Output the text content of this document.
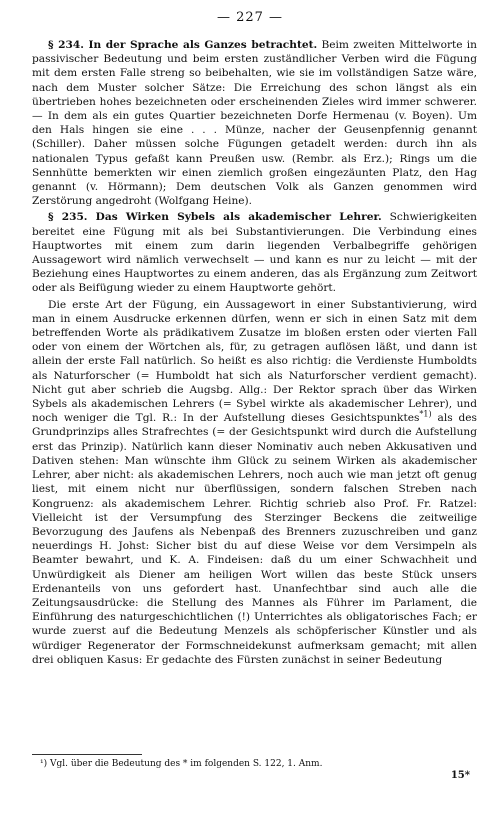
— 227 —

§ 234. In der Sprache als Ganzes betrachtet. Beim zweiten Mittelworte in passivischer Bedeutung und beim ersten zuständlicher Verben wird die Fügung mit dem ersten Falle streng so beibehalten, wie sie im vollständigen Satze wäre, nach dem Muster solcher Sätze: Die Erreichung des schon längst als ein übertrieben hohes bezeichneten oder erscheinenden Zieles wird immer schwerer. — In dem als ein gutes Quartier bezeichneten Dorfe Hermenau (v. Boyen). Um den Hals hingen sie eine . . . Münze, nacher der Geusenpfennig genannt (Schiller). Daher müssen solche Fügungen getadelt werden: durch ihn als nationalen Typus gefaßt kann Preußen usw. (Rembr. als Erz.); Rings um die Sennhütte bemerkten wir einen ziemlich großen eingezäunten Platz, den Hag genannt (v. Hörmann); Dem deutschen Volk als Ganzen genommen wird Zerstörung angedroht (Wolfgang Heine).

§ 235. Das Wirken Sybels als akademischer Lehrer. Schwierigkeiten bereitet eine Fügung mit als bei Substantivierungen. Die Verbindung eines Hauptwortes mit einem zum darin liegenden Verbalbegriffe gehörigen Aussagewort wird nämlich verwechselt — und kann es nur zu leicht — mit der Beziehung eines Hauptwortes zu einem anderen, das als Ergänzung zum Zeitwort oder als Beifügung wieder zu einem Hauptworte gehört.

Die erste Art der Fügung, ein Aussagewort in einer Substantivierung, wird man in einem Ausdrucke erkennen dürfen, wenn er sich in einen Satz mit dem betreffenden Worte als prädikativem Zusatze im bloßen ersten oder vierten Fall oder von einem der Wörtchen als, für, zu getragen auflösen läßt, und dann ist allein der erste Fall natürlich. So heißt es also richtig: die Verdienste Humboldts als Naturforscher (= Humboldt hat sich als Naturforscher verdient gemacht). Nicht gut aber schrieb die Augsbg. Allg.: Der Rektor sprach über das Wirken Sybels als akademischen Lehrers (= Sybel wirkte als akademischer Lehrer), und noch weniger die Tgl. R.: In der Aufstellung dieses Gesichtspunktes$^{*1)}$ als des Grundprinzips alles Strafrechtes (= der Gesichtspunkt wird durch die Aufstellung erst das Prinzip). Natürlich kann dieser Nominativ auch neben Akkusativen und Dativen stehen: Man wünschte ihm Glück zu seinem Wirken als akademischer Lehrer, aber nicht: als akademischen Lehrers, noch auch wie man jetzt oft genug liest, mit einem nicht nur überflüssigen, sondern falschen Streben nach Kongruenz: als akademischem Lehrer. Richtig schrieb also Prof. Fr. Ratzel: Vielleicht ist der Versumpfung des Sterzinger Beckens die zeitweilige Bevorzugung des Jaufens als Nebenpaß des Brenners zuzuschreiben und ganz neuerdings H. Johst: Sicher bist du auf diese Weise vor dem Versimpeln als Beamter bewahrt, und K. A. Findeisen: daß du um einer Schwachheit und Unwürdigkeit als Diener am heiligen Wort willen das beste Stück unsers Erdenanteils von uns gefordert hast. Unanfechtbar sind auch alle die Zeitungsausdrücke: die Stellung des Mannes als Führer im Parlament, die Einführung des naturgeschichtlichen (!) Unterrichtes als obligatorisches Fach; er wurde zuerst auf die Bedeutung Menzels als schöpferischer Künstler und als würdiger Regenerator der Formschneidekunst aufmerksam gemacht; mit allen drei obliquen Kasus: Er gedachte des Fürsten zunächst in seiner Bedeutung

¹) Vgl. über die Bedeutung des * im folgenden S. 122, 1. Anm.
15*
